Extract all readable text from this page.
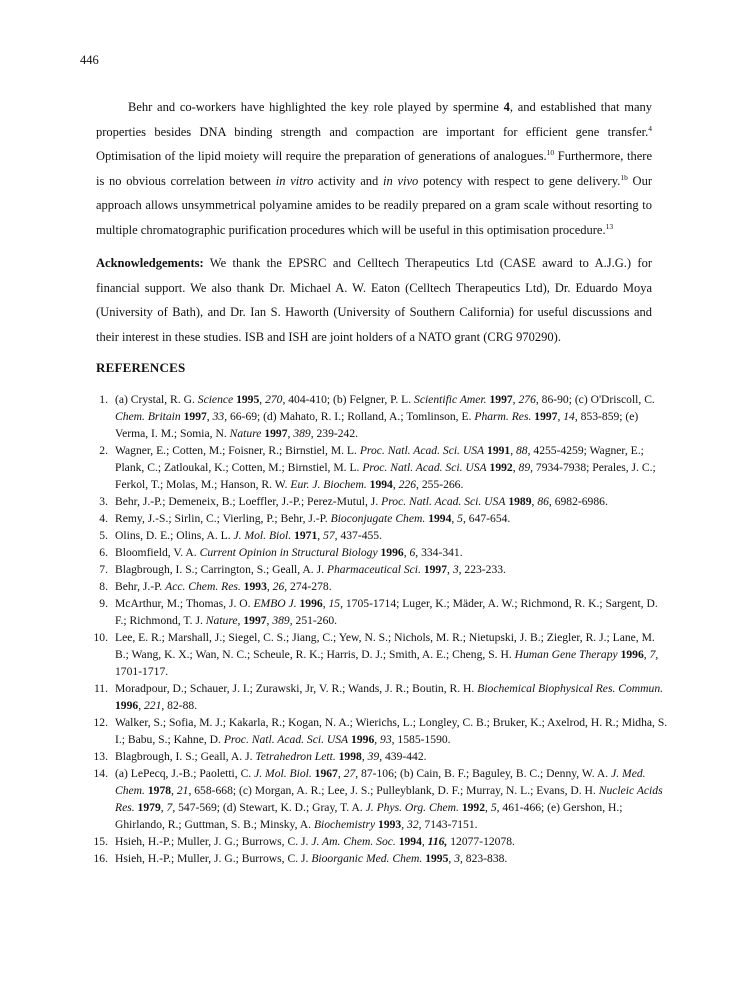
446

Behr and co-workers have highlighted the key role played by spermine 4, and established that many properties besides DNA binding strength and compaction are important for efficient gene transfer.$^4$ Optimisation of the lipid moiety will require the preparation of generations of analogues.$^{10}$ Furthermore, there is no obvious correlation between in vitro activity and in vivo potency with respect to gene delivery.$^{1b}$ Our approach allows unsymmetrical polyamine amides to be readily prepared on a gram scale without resorting to multiple chromatographic purification procedures which will be useful in this optimisation procedure.$^{13}$

Acknowledgements: We thank the EPSRC and Celltech Therapeutics Ltd (CASE award to A.J.G.) for financial support. We also thank Dr. Michael A. W. Eaton (Celltech Therapeutics Ltd), Dr. Eduardo Moya (University of Bath), and Dr. Ian S. Haworth (University of Southern California) for useful discussions and their interest in these studies. ISB and ISH are joint holders of a NATO grant (CRG 970290).

REFERENCES
1. (a) Crystal, R. G. Science 1995, 270, 404-410; (b) Felgner, P. L. Scientific Amer. 1997, 276, 86-90; (c) O'Driscoll, C. Chem. Britain 1997, 33, 66-69; (d) Mahato, R. I.; Rolland, A.; Tomlinson, E. Pharm. Res. 1997, 14, 853-859; (e) Verma, I. M.; Somia, N. Nature 1997, 389, 239-242.
2. Wagner, E.; Cotten, M.; Foisner, R.; Birnstiel, M. L. Proc. Natl. Acad. Sci. USA 1991, 88, 4255-4259; Wagner, E.; Plank, C.; Zatloukal, K.; Cotten, M.; Birnstiel, M. L. Proc. Natl. Acad. Sci. USA 1992, 89, 7934-7938; Perales, J. C.; Ferkol, T.; Molas, M.; Hanson, R. W. Eur. J. Biochem. 1994, 226, 255-266.
3. Behr, J.-P.; Demeneix, B.; Loeffler, J.-P.; Perez-Mutul, J. Proc. Natl. Acad. Sci. USA 1989, 86, 6982-6986.
4. Remy, J.-S.; Sirlin, C.; Vierling, P.; Behr, J.-P. Bioconjugate Chem. 1994, 5, 647-654.
5. Olins, D. E.; Olins, A. L. J. Mol. Biol. 1971, 57, 437-455.
6. Bloomfield, V. A. Current Opinion in Structural Biology 1996, 6, 334-341.
7. Blagbrough, I. S.; Carrington, S.; Geall, A. J. Pharmaceutical Sci. 1997, 3, 223-233.
8. Behr, J.-P. Acc. Chem. Res. 1993, 26, 274-278.
9. McArthur, M.; Thomas, J. O. EMBO J. 1996, 15, 1705-1714; Luger, K.; Mäder, A. W.; Richmond, R. K.; Sargent, D. F.; Richmond, T. J. Nature, 1997, 389, 251-260.
10. Lee, E. R.; Marshall, J.; Siegel, C. S.; Jiang, C.; Yew, N. S.; Nichols, M. R.; Nietupski, J. B.; Ziegler, R. J.; Lane, M. B.; Wang, K. X.; Wan, N. C.; Scheule, R. K.; Harris, D. J.; Smith, A. E.; Cheng, S. H. Human Gene Therapy 1996, 7, 1701-1717.
11. Moradpour, D.; Schauer, J. I.; Zurawski, Jr, V. R.; Wands, J. R.; Boutin, R. H. Biochemical Biophysical Res. Commun. 1996, 221, 82-88.
12. Walker, S.; Sofia, M. J.; Kakarla, R.; Kogan, N. A.; Wierichs, L.; Longley, C. B.; Bruker, K.; Axelrod, H. R.; Midha, S. I.; Babu, S.; Kahne, D. Proc. Natl. Acad. Sci. USA 1996, 93, 1585-1590.
13. Blagbrough, I. S.; Geall, A. J. Tetrahedron Lett. 1998, 39, 439-442.
14. (a) LePecq, J.-B.; Paoletti, C. J. Mol. Biol. 1967, 27, 87-106; (b) Cain, B. F.; Baguley, B. C.; Denny, W. A. J. Med. Chem. 1978, 21, 658-668; (c) Morgan, A. R.; Lee, J. S.; Pulleyblank, D. F.; Murray, N. L.; Evans, D. H. Nucleic Acids Res. 1979, 7, 547-569; (d) Stewart, K. D.; Gray, T. A. J. Phys. Org. Chem. 1992, 5, 461-466; (e) Gershon, H.; Ghirlando, R.; Guttman, S. B.; Minsky, A. Biochemistry 1993, 32, 7143-7151.
15. Hsieh, H.-P.; Muller, J. G.; Burrows, C. J. J. Am. Chem. Soc. 1994, 116, 12077-12078.
16. Hsieh, H.-P.; Muller, J. G.; Burrows, C. J. Bioorganic Med. Chem. 1995, 3, 823-838.
